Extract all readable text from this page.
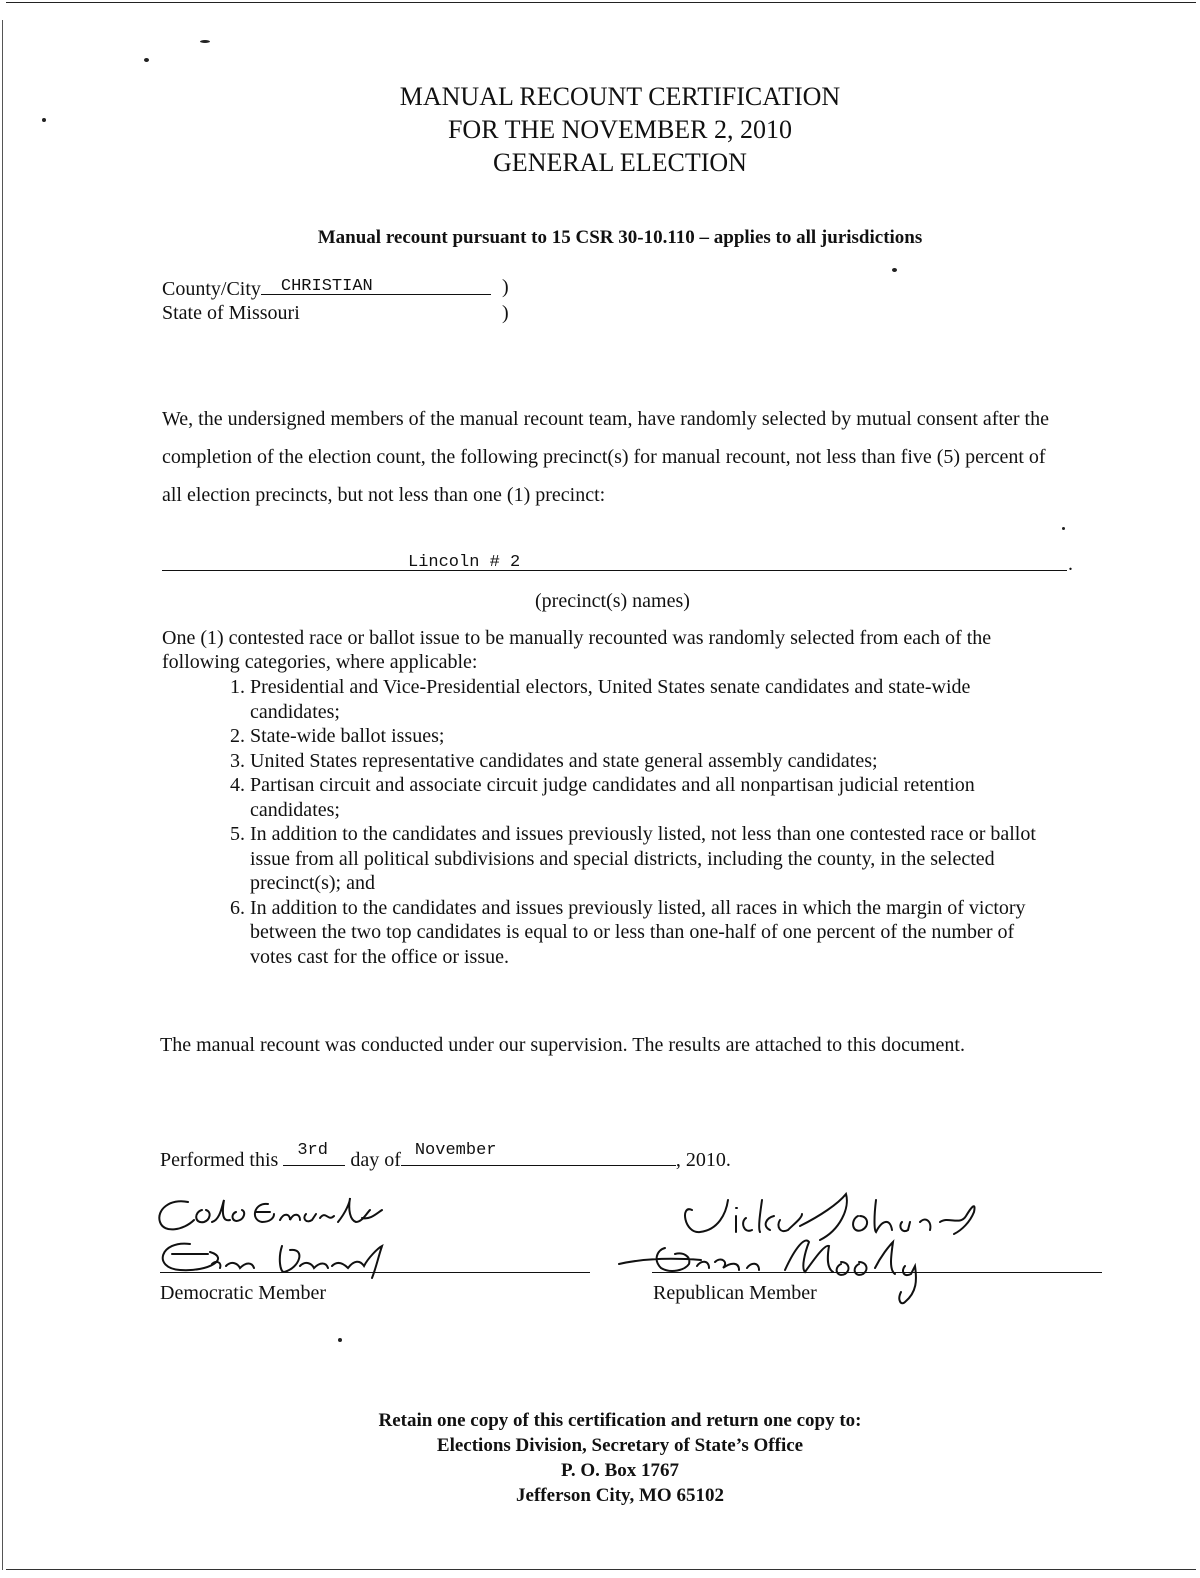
MANUAL RECOUNT CERTIFICATION
FOR THE NOVEMBER 2, 2010
GENERAL ELECTION
Manual recount pursuant to 15 CSR 30-10.110 – applies to all jurisdictions
County/City CHRISTIAN	)
State of Missouri	)
We, the undersigned members of the manual recount team, have randomly selected by mutual consent after the completion of the election count, the following precinct(s) for manual recount, not less than five (5) percent of all election precincts, but not less than one (1) precinct:
Lincoln # 2	.
(precinct(s) names)
One (1) contested race or ballot issue to be manually recounted was randomly selected from each of the following categories, where applicable:
1. Presidential and Vice-Presidential electors, United States senate candidates and state-wide candidates;
2. State-wide ballot issues;
3. United States representative candidates and state general assembly candidates;
4. Partisan circuit and associate circuit judge candidates and all nonpartisan judicial retention candidates;
5. In addition to the candidates and issues previously listed, not less than one contested race or ballot issue from all political subdivisions and special districts, including the county, in the selected precinct(s); and
6. In addition to the candidates and issues previously listed, all races in which the margin of victory between the two top candidates is equal to or less than one-half of one percent of the number of votes cast for the office or issue.
The manual recount was conducted under our supervision. The results are attached to this document.
Performed this 3rd day of November	, 2010.
Democratic Member	Republican Member
Retain one copy of this certification and return one copy to:
Elections Division, Secretary of State’s Office
P. O. Box 1767
Jefferson City, MO 65102
